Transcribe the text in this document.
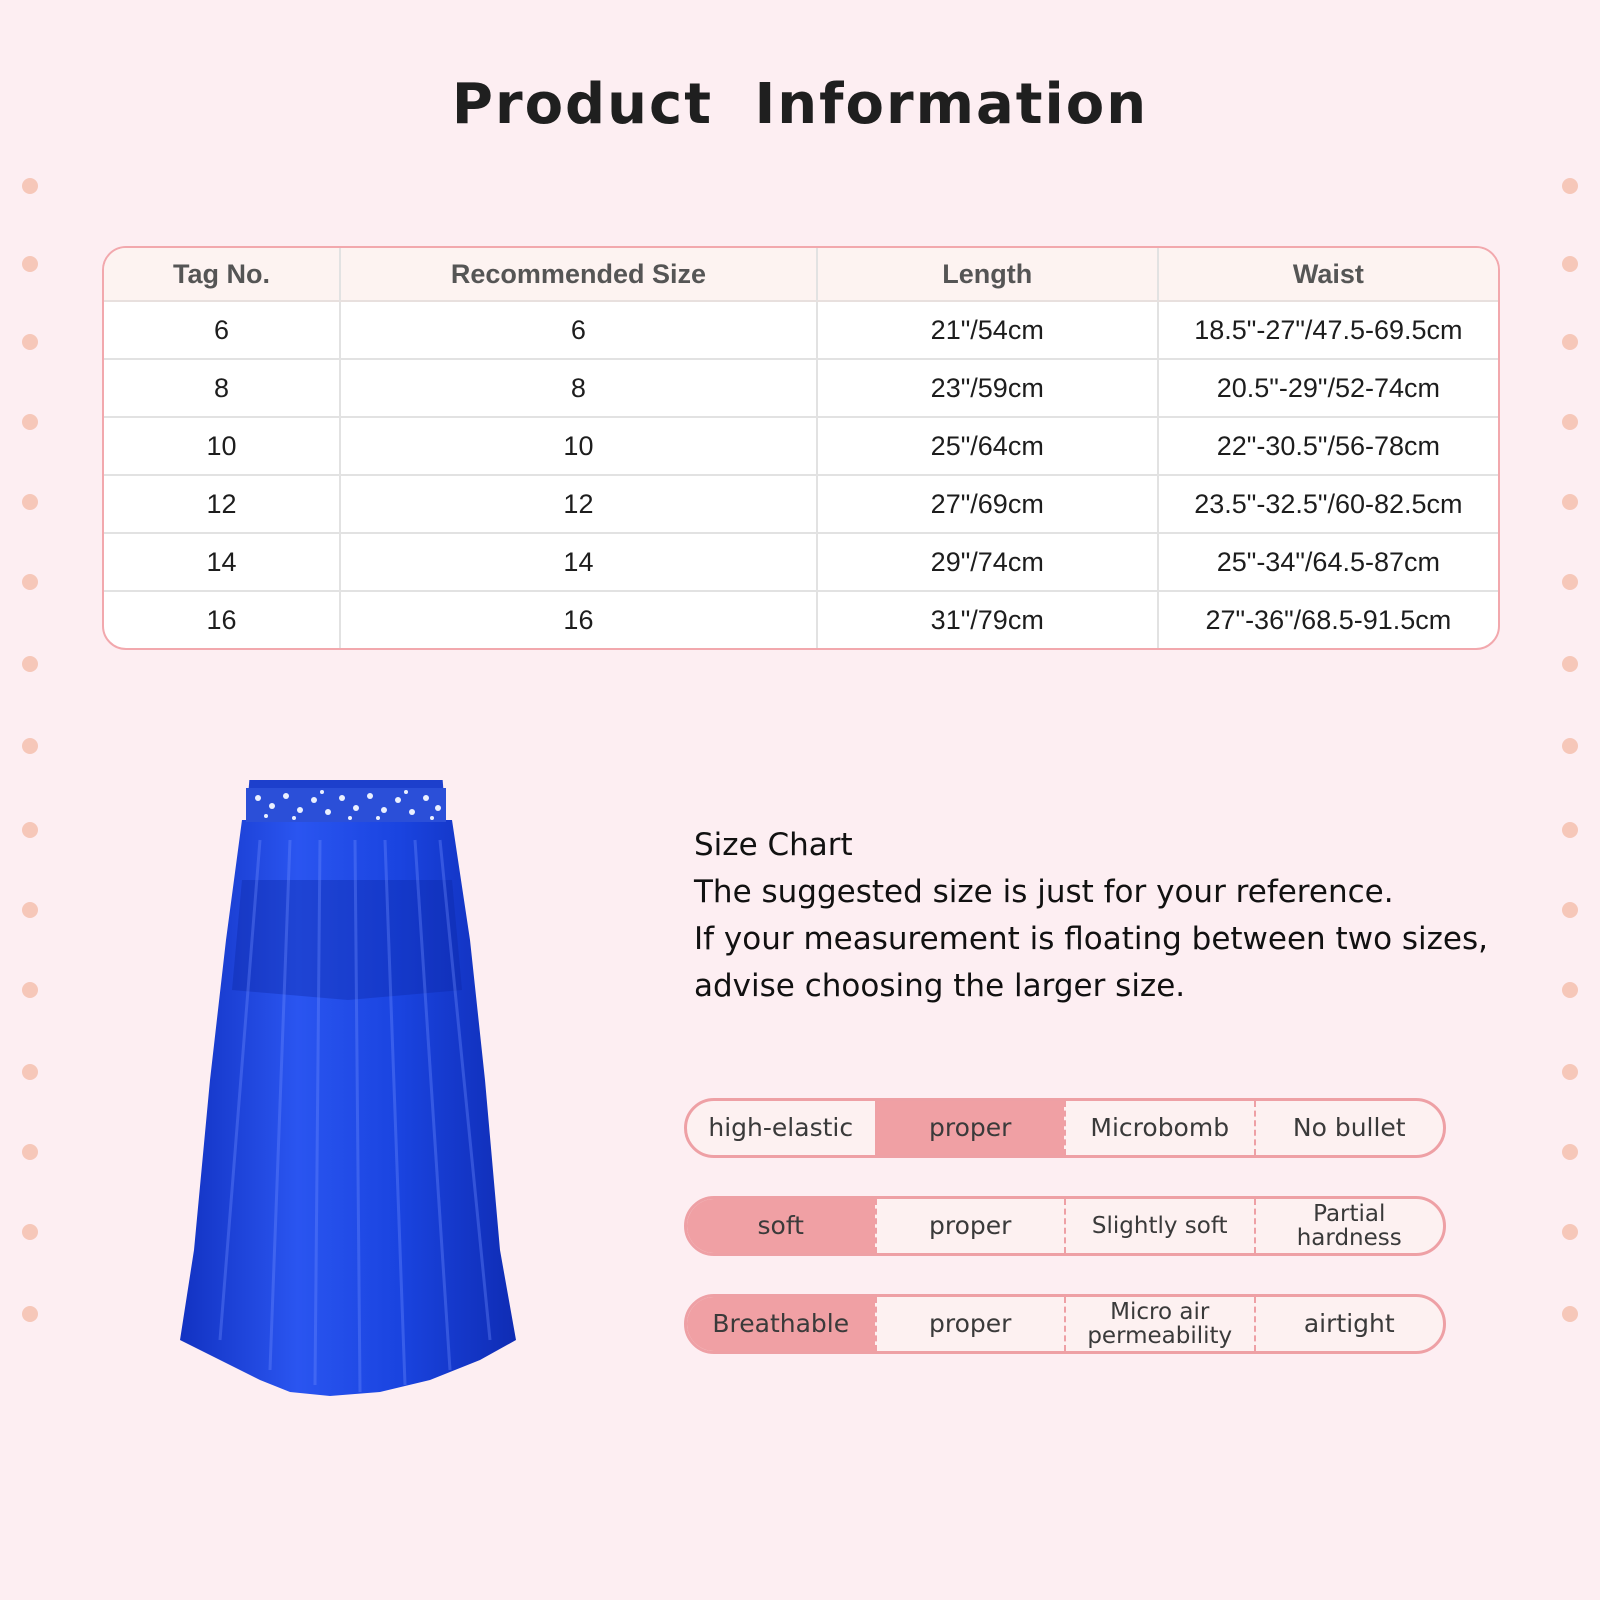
Product Information
Tag No.	Recommended Size	Length	Waist
6	6	21"/54cm	18.5"-27"/47.5-69.5cm
8	8	23"/59cm	20.5"-29"/52-74cm
10	10	25"/64cm	22"-30.5"/56-78cm
12	12	27"/69cm	23.5"-32.5"/60-82.5cm
14	14	29"/74cm	25"-34"/64.5-87cm
16	16	31"/79cm	27"-36"/68.5-91.5cm
Size Chart
The suggested size is just for your reference.
If your measurement is floating between two sizes,
advise choosing the larger size.
high-elastic	proper	Microbomb	No bullet
soft	proper	Slightly soft	Partial hardness
Breathable	proper	Micro air permeability	airtight
